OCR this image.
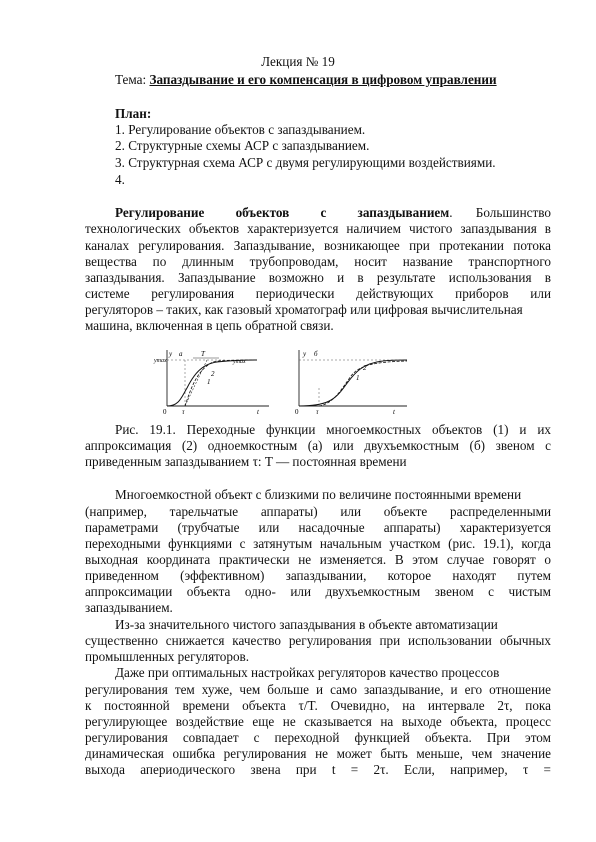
Лекция № 19
Тема: Запаздывание и его компенсация в цифровом управлении
План:
1. Регулирование объектов с запаздыванием.
2. Структурные схемы АСР с запаздыванием.
3. Структурная схема АСР с двумя регулирующими воздействиями.
4.
Регулирование объектов с запаздыванием. Большинство
технологических объектов характеризуется наличием чистого запаздывания в
каналах регулирования. Запаздывание, возникающее при протекании потока
вещества по длинным трубопроводам, носит название транспортного
запаздывания. Запаздывание возможно и в результате использования в
системе регулирования периодически действующих приборов или
регуляторов – таких, как газовый хроматограф или цифровая вычислительная
машина, включенная в цепь обратной связи.
y a
ymax	ymax
T
1
2
0 τ	t
y б
2
1
0	τ	t
Рис. 19.1. Переходные функции многоемкостных объектов (1) и их
аппроксимация (2) одноемкостным (а) или двухъемкостным (б) звеном с
приведенным запаздыванием τ: T — постоянная времени
Многоемкостной объект с близкими по величине постоянными времени
(например, тарельчатые аппараты) или объекте распределенными
параметрами (трубчатые или насадочные аппараты) характеризуется
переходными функциями с затянутым начальным участком (рис. 19.1), когда
выходная координата практически не изменяется. В этом случае говорят о
приведенном (эффективном) запаздывании, которое находят путем
аппроксимации объекта одно- или двухъемкостным звеном с чистым
запаздыванием.
Из-за значительного чистого запаздывания в объекте автоматизации
существенно снижается качество регулирования при использовании обычных
промышленных регуляторов.
Даже при оптимальных настройках регуляторов качество процессов
регулирования тем хуже, чем больше и само запаздывание, и его отношение
к постоянной времени объекта τ/T. Очевидно, на интервале 2τ, пока
регулирующее воздействие еще не сказывается на выходе объекта, процесс
регулирования совпадает с переходной функцией объекта. При этом
динамическая ошибка регулирования не может быть меньше, чем значение
выхода апериодического звена при t = 2τ. Если, например, τ =
